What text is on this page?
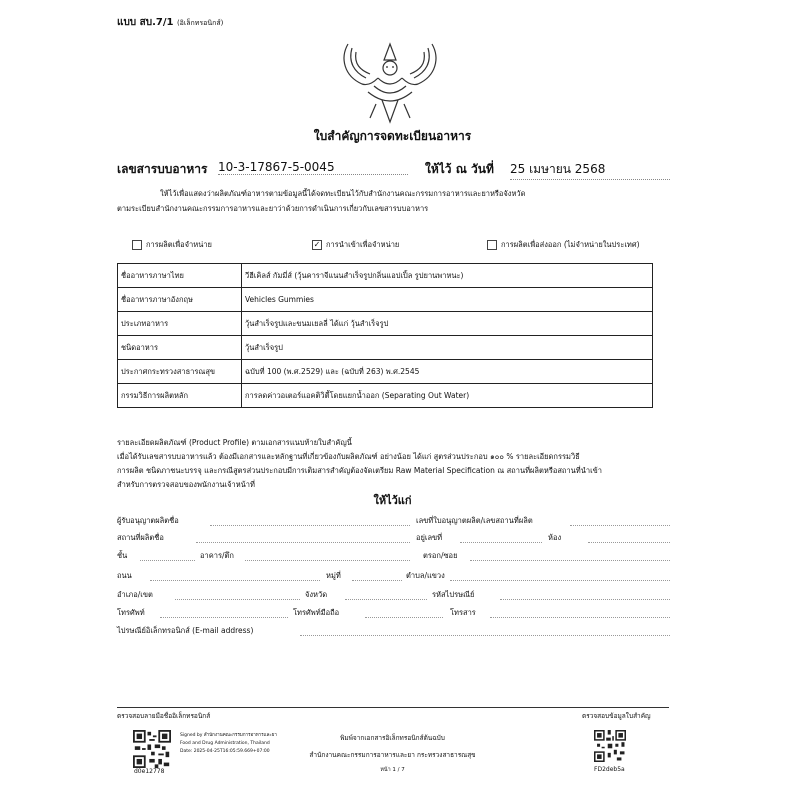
แบบ สบ.7/1 (อิเล็กทรอนิกส์)
ใบสำคัญการจดทะเบียนอาหาร
เลขสารบบอาหาร 10-3-17867-5-0045	ให้ไว้ ณ วันที่ 25 เมษายน 2568
ให้ไว้เพื่อแสดงว่าผลิตภัณฑ์อาหารตามข้อมูลนี้ได้จดทะเบียนไว้กับสำนักงานคณะกรรมการอาหารและยาหรือจังหวัด
ตามระเบียบสำนักงานคณะกรรมการอาหารและยาว่าด้วยการดำเนินการเกี่ยวกับเลขสารบบอาหาร
การผลิตเพื่อจำหน่าย	✓ การนำเข้าเพื่อจำหน่าย	การผลิตเพื่อส่งออก (ไม่จำหน่ายในประเทศ)
ชื่ออาหารภาษาไทย	วีฮีเคิลส์ กัมมี่ส์ (วุ้นคาราจีแนนสำเร็จรูปกลิ่นแอปเปิ้ล รูปยานพาหนะ)
ชื่ออาหารภาษาอังกฤษ	Vehicles Gummies
ประเภทอาหาร	วุ้นสำเร็จรูปและขนมเยลลี่ ได้แก่ วุ้นสำเร็จรูป
ชนิดอาหาร	วุ้นสำเร็จรูป
ประกาศกระทรวงสาธารณสุข	ฉบับที่ 100 (พ.ศ.2529) และ (ฉบับที่ 263) พ.ศ.2545
กรรมวิธีการผลิตหลัก	การลดค่าวอเตอร์แอคติวิตี้โดยแยกน้ำออก (Separating Out Water)
รายละเอียดผลิตภัณฑ์ (Product Profile) ตามเอกสารแนบท้ายใบสำคัญนี้
เมื่อได้รับเลขสารบบอาหารแล้ว ต้องมีเอกสารและหลักฐานที่เกี่ยวข้องกับผลิตภัณฑ์ อย่างน้อย ได้แก่ สูตรส่วนประกอบ ๑๐๐ % รายละเอียดกรรมวิธี
การผลิต ชนิดภาชนะบรรจุ และกรณีสูตรส่วนประกอบมีการเติมสารสำคัญต้องจัดเตรียม Raw Material Specification ณ สถานที่ผลิตหรือสถานที่นำเข้า
สำหรับการตรวจสอบของพนักงานเจ้าหน้าที่
ให้ไว้แก่
ผู้รับอนุญาตผลิตชื่อ	เลขที่ใบอนุญาตผลิต/เลขสถานที่ผลิต
สถานที่ผลิตชื่อ	อยู่เลขที่	ห้อง
ชั้น	อาคาร/ตึก	ตรอก/ซอย
ถนน	หมู่ที่	ตำบล/แขวง
อำเภอ/เขต	จังหวัด	รหัสไปรษณีย์
โทรศัพท์	โทรศัพท์มือถือ	โทรสาร
ไปรษณีย์อิเล็กทรอนิกส์ (E-mail address)
ตรวจสอบลายมือชื่ออิเล็กทรอนิกส์	ตรวจสอบข้อมูลใบสำคัญ
d0e12778
Signed by สำนักงานคณะกรรมการอาหารและยา
Food and Drug Administration, Thailand
Date: 2025-04-25T16:05:59.669+07:00
พิมพ์จากเอกสารอิเล็กทรอนิกส์ต้นฉบับ
สำนักงานคณะกรรมการอาหารและยา กระทรวงสาธารณสุข
หน้า 1 / 7	FD2deb5a
